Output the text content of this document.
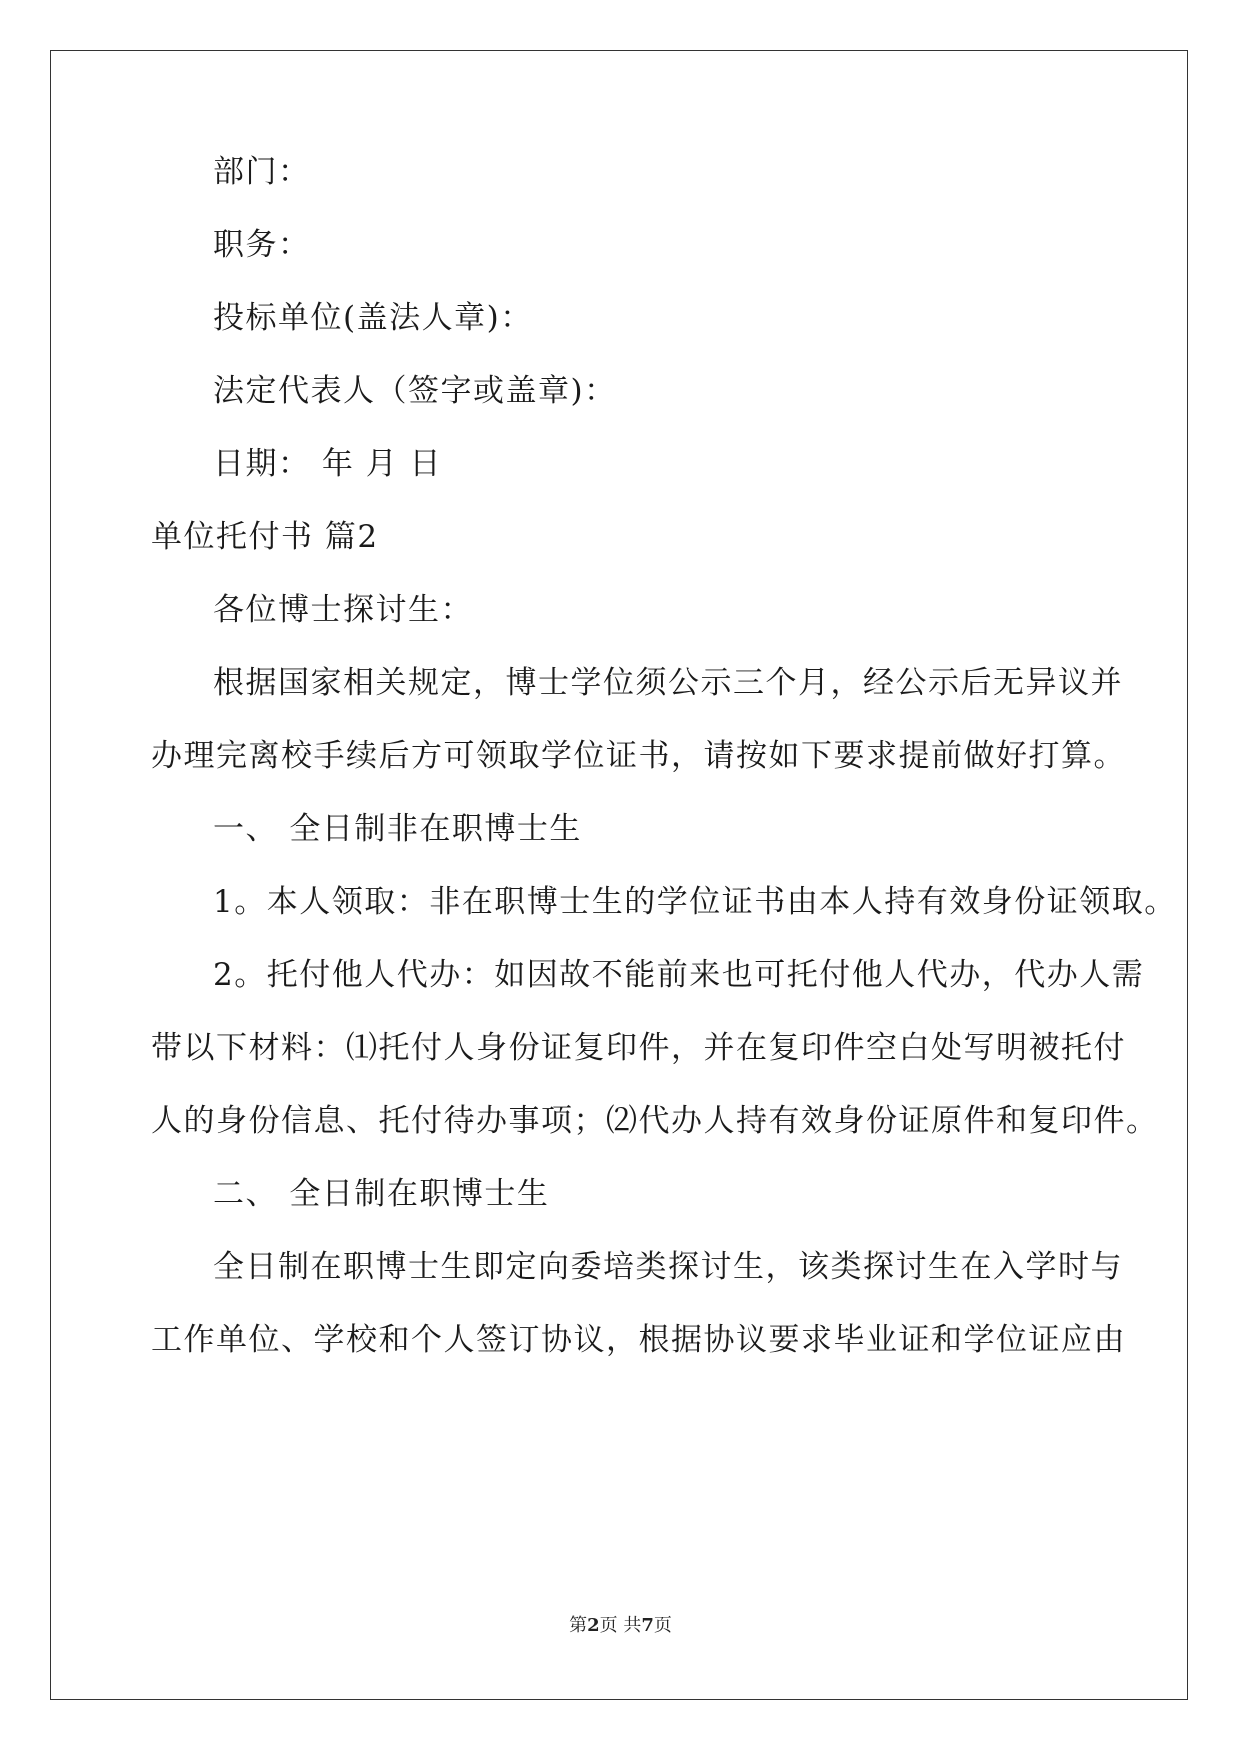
部门：
职务：
投标单位(盖法人章)：
法定代表人（签字或盖章)：
日期： 年 月 日
单位托付书 篇2
各位博士探讨生：
根据国家相关规定，博士学位须公示三个月，经公示后无异议并
办理完离校手续后方可领取学位证书，请按如下要求提前做好打算。
一、 全日制非在职博士生
1。本人领取：非在职博士生的学位证书由本人持有效身份证领取。
2。托付他人代办：如因故不能前来也可托付他人代办，代办人需
带以下材料：⑴托付人身份证复印件，并在复印件空白处写明被托付
人的身份信息、托付待办事项；⑵代办人持有效身份证原件和复印件。
二、 全日制在职博士生
全日制在职博士生即定向委培类探讨生，该类探讨生在入学时与
工作单位、学校和个人签订协议，根据协议要求毕业证和学位证应由
第2页 共7页
